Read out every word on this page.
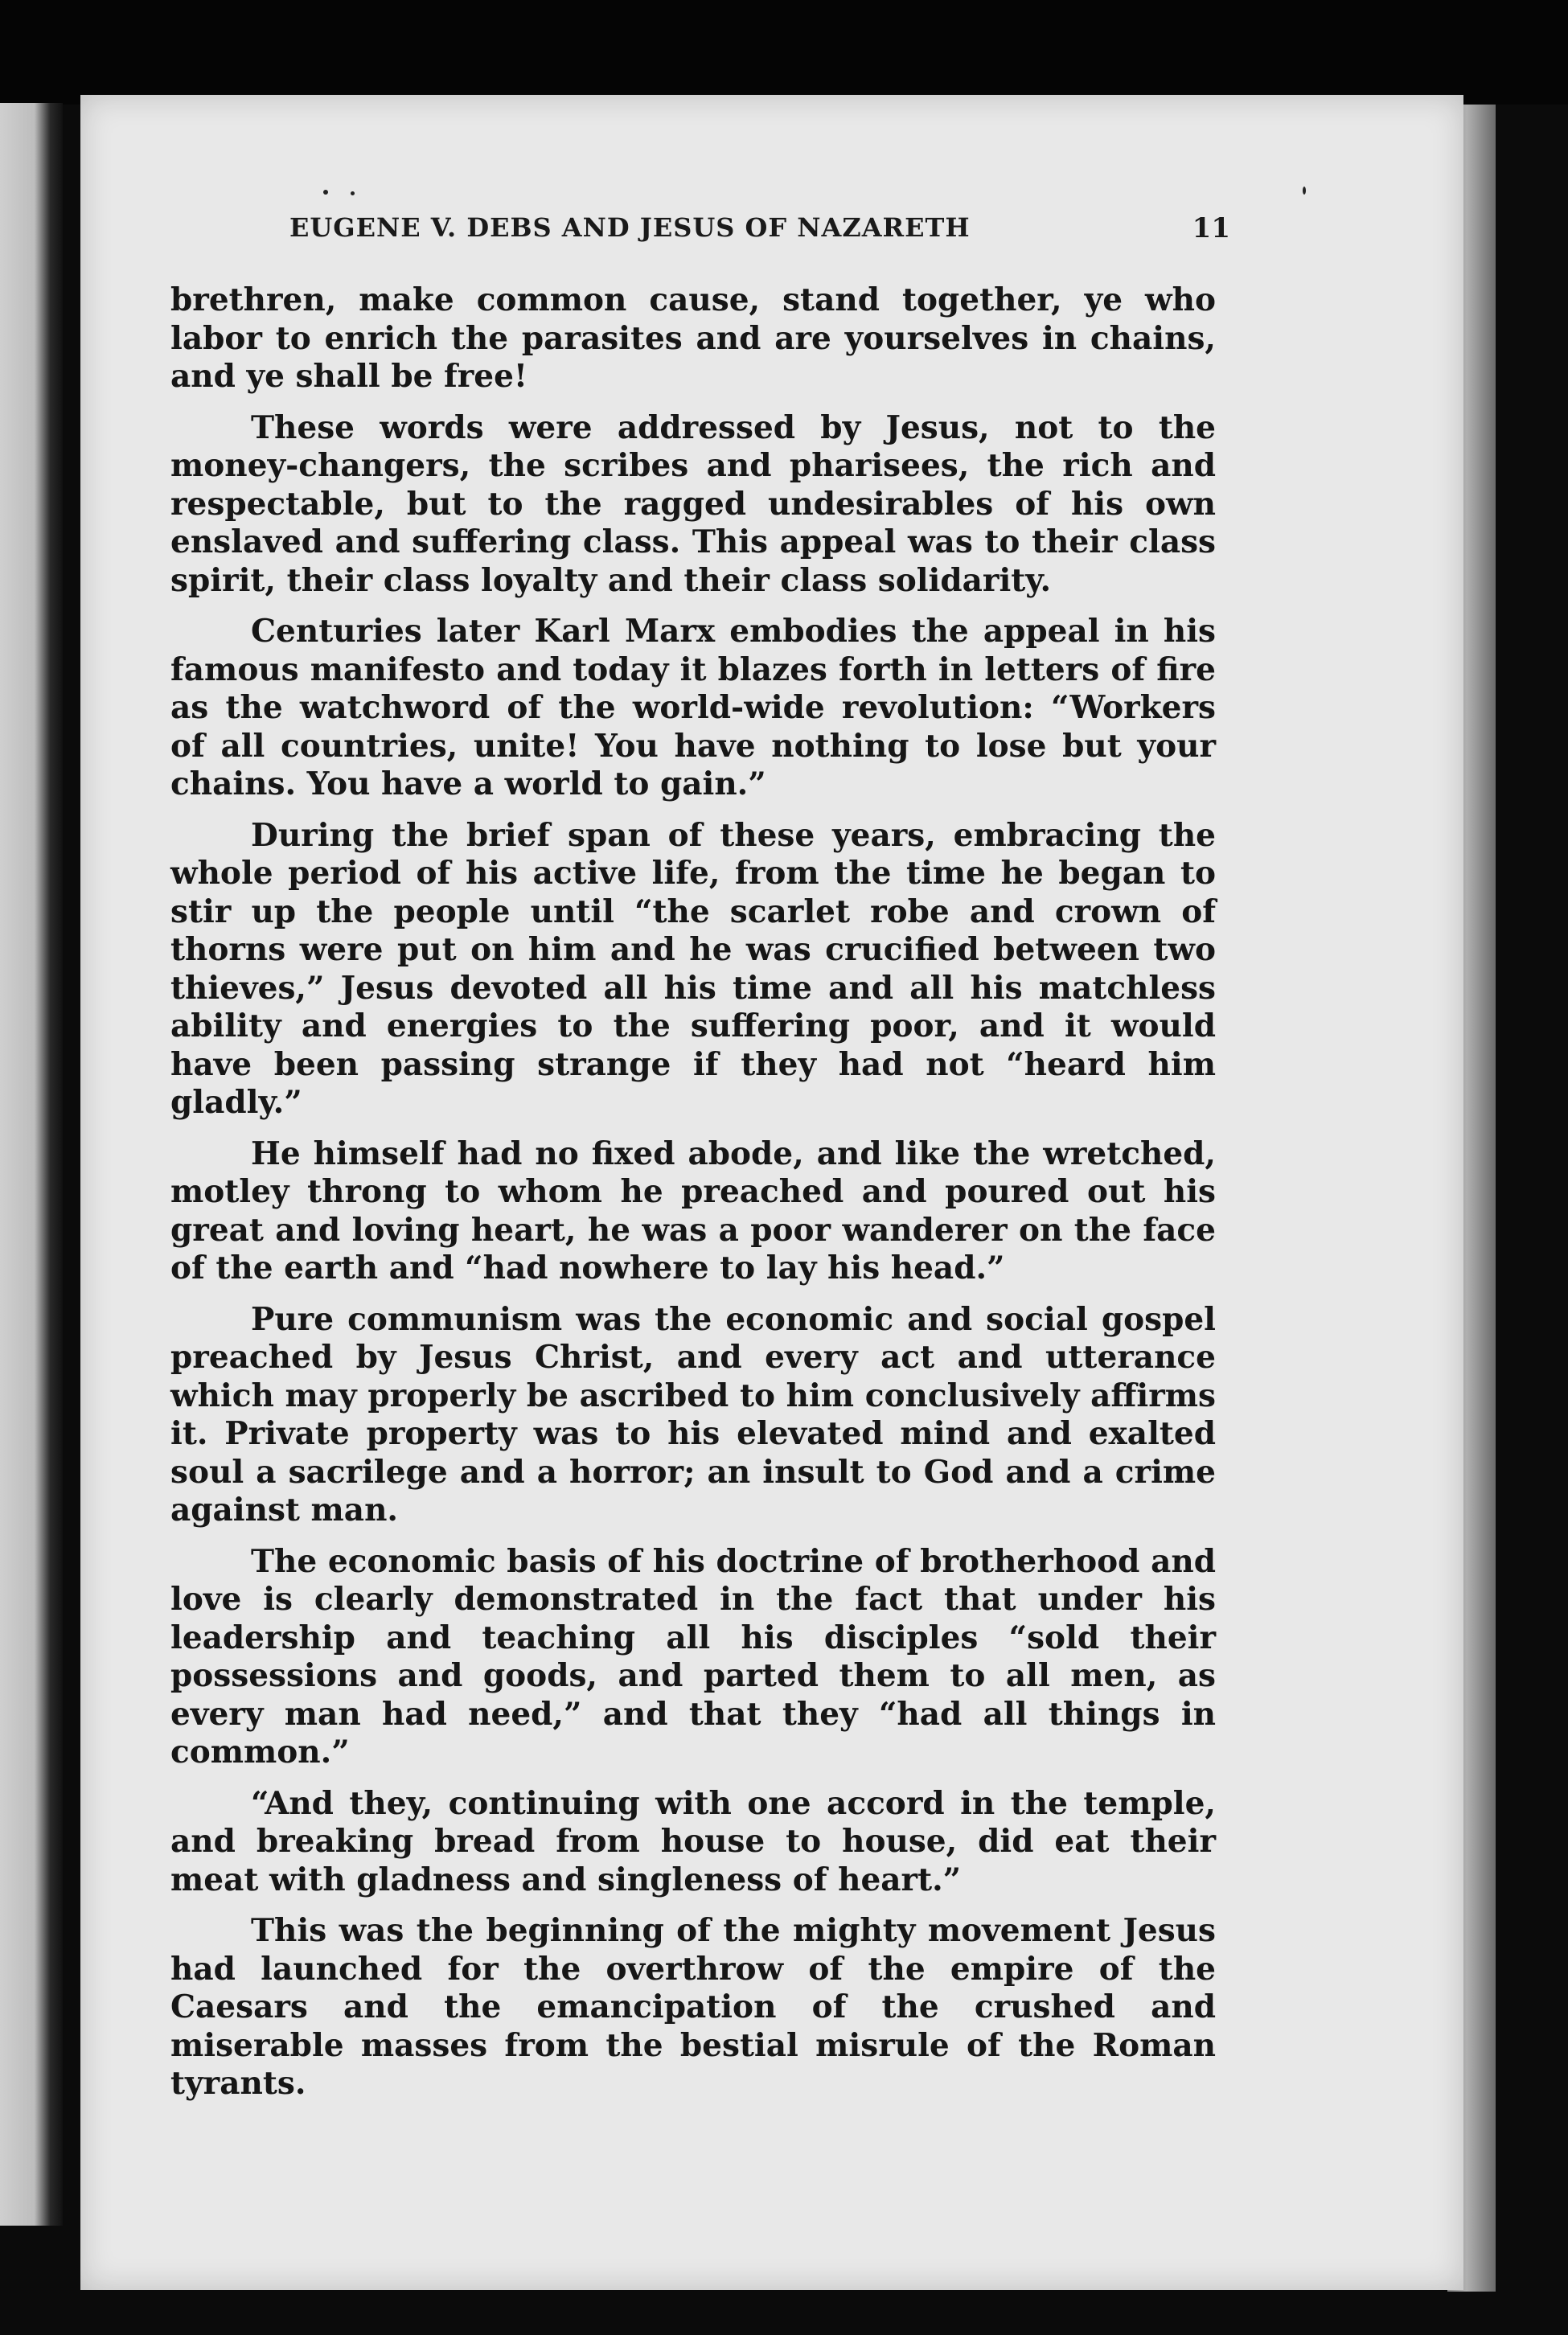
EUGENE V. DEBS AND JESUS OF NAZARETH	11

brethren, make common cause, stand together, ye who labor to enrich the parasites and are yourselves in chains, and ye shall be free!

These words were addressed by Jesus, not to the money-changers, the scribes and pharisees, the rich and respectable, but to the ragged undesirables of his own enslaved and suffering class. This appeal was to their class spirit, their class loyalty and their class solidarity.

Centuries later Karl Marx embodies the appeal in his famous manifesto and today it blazes forth in letters of fire as the watchword of the world-wide revolution: “Workers of all countries, unite! You have nothing to lose but your chains. You have a world to gain.”

During the brief span of these years, embracing the whole period of his active life, from the time he began to stir up the people until “the scarlet robe and crown of thorns were put on him and he was crucified between two thieves,” Jesus devoted all his time and all his matchless ability and energies to the suffering poor, and it would have been passing strange if they had not “heard him gladly.”

He himself had no fixed abode, and like the wretched, motley throng to whom he preached and poured out his great and loving heart, he was a poor wanderer on the face of the earth and “had nowhere to lay his head.”

Pure communism was the economic and social gospel preached by Jesus Christ, and every act and utterance which may properly be ascribed to him conclusively affirms it. Private property was to his elevated mind and exalted soul a sacrilege and a horror; an insult to God and a crime against man.

The economic basis of his doctrine of brotherhood and love is clearly demonstrated in the fact that under his leadership and teaching all his disciples “sold their possessions and goods, and parted them to all men, as every man had need,” and that they “had all things in common.”

“And they, continuing with one accord in the temple, and breaking bread from house to house, did eat their meat with gladness and singleness of heart.”

This was the beginning of the mighty movement Jesus had launched for the overthrow of the empire of the Caesars and the emancipation of the crushed and miserable masses from the bestial misrule of the Roman tyrants.
